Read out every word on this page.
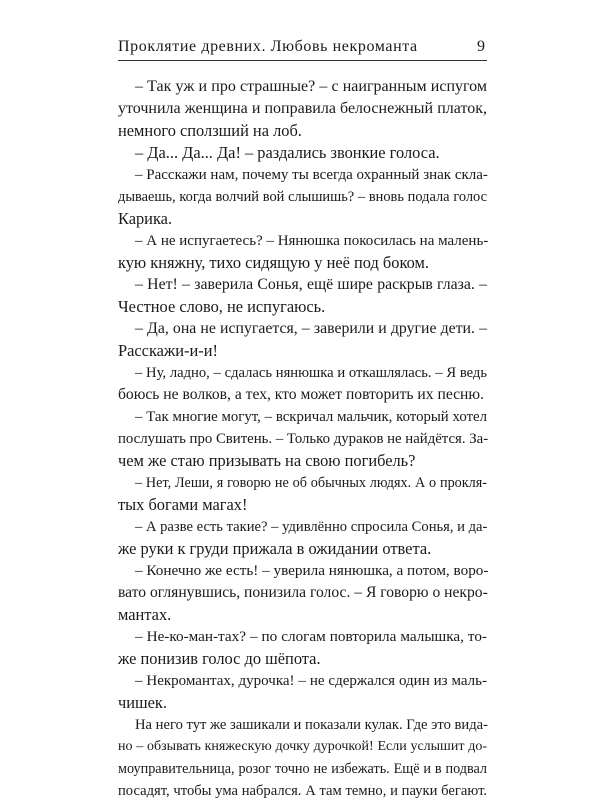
Проклятие древних. Любовь некроманта	9
– Так уж и про страшные? – с наигранным испугом
уточнила женщина и поправила белоснежный платок,
немного сползший на лоб.
– Да... Да... Да! – раздались звонкие голоса.
– Расскажи нам, почему ты всегда охранный знак скла-
дываешь, когда волчий вой слышишь? – вновь подала голос
Карика.
– А не испугаетесь? – Нянюшка покосилась на малень-
кую княжну, тихо сидящую у неё под боком.
– Нет! – заверила Сонья, ещё шире раскрыв глаза. –
Честное слово, не испугаюсь.
– Да, она не испугается, – заверили и другие дети. –
Расскажи-и-и!
– Ну, ладно, – сдалась нянюшка и откашлялась. – Я ведь
боюсь не волков, а тех, кто может повторить их песню.
– Так многие могут, – вскричал мальчик, который хотел
послушать про Свитень. – Только дураков не найдётся. За-
чем же стаю призывать на свою погибель?
– Нет, Леши, я говорю не об обычных людях. А о прокля-
тых богами магах!
– А разве есть такие? – удивлённо спросила Сонья, и да-
же руки к груди прижала в ожидании ответа.
– Конечно же есть! – уверила нянюшка, а потом, воро-
вато оглянувшись, понизила голос. – Я говорю о некро-
мантах.
– Не-ко-ман-тах? – по слогам повторила малышка, то-
же понизив голос до шёпота.
– Некромантах, дурочка! – не сдержался один из маль-
чишек.
На него тут же зашикали и показали кулак. Где это вида-
но – обзывать княжескую дочку дурочкой! Если услышит до-
моуправительница, розог точно не избежать. Ещё и в подвал
посадят, чтобы ума набрался. А там темно, и пауки бегают.
